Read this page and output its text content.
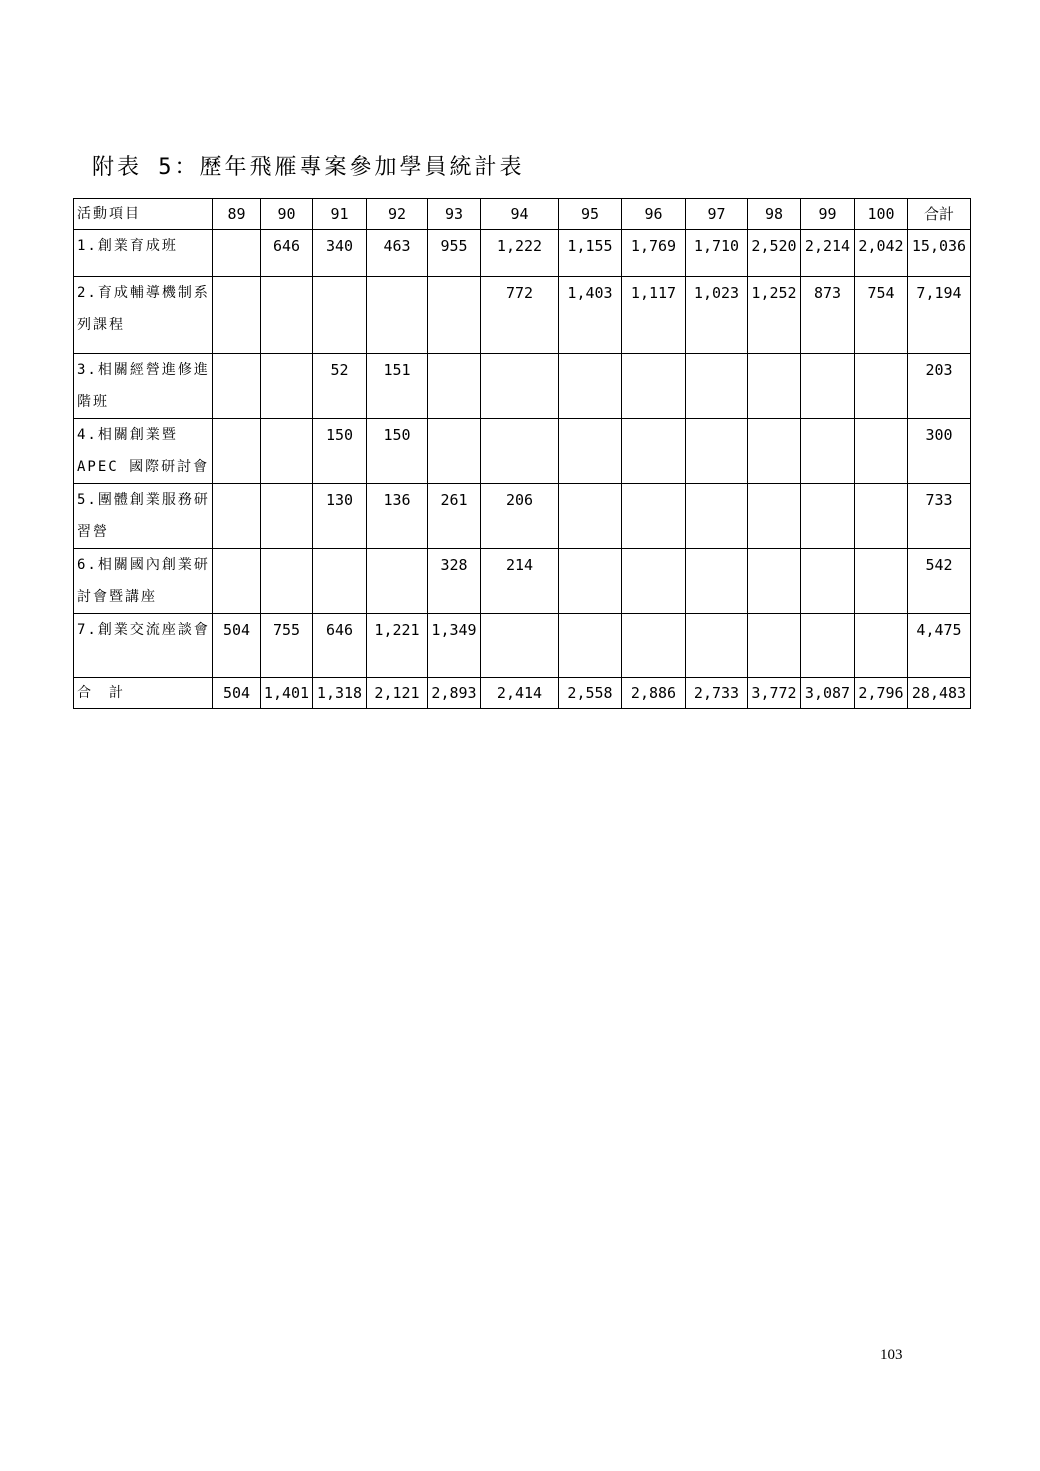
附表 5：歷年飛雁專案參加學員統計表
活動項目	89	90	91	92	93	94	95	96	97	98	99	100	合計
1.創業育成班		646	340	463	955	1,222	1,155	1,769	1,710	2,520	2,214	2,042	15,036
2.育成輔導機制系列課程						772	1,403	1,117	1,023	1,252	873	754	7,194
3.相關經營進修進階班			52	151									203
4.相關創業暨APEC 國際研討會			150	150									300
5.團體創業服務研習營			130	136	261	206							733
6.相關國內創業研討會暨講座					328	214							542
7.創業交流座談會	504	755	646	1,221	1,349								4,475
合　計	504	1,401	1,318	2,121	2,893	2,414	2,558	2,886	2,733	3,772	3,087	2,796	28,483
103
